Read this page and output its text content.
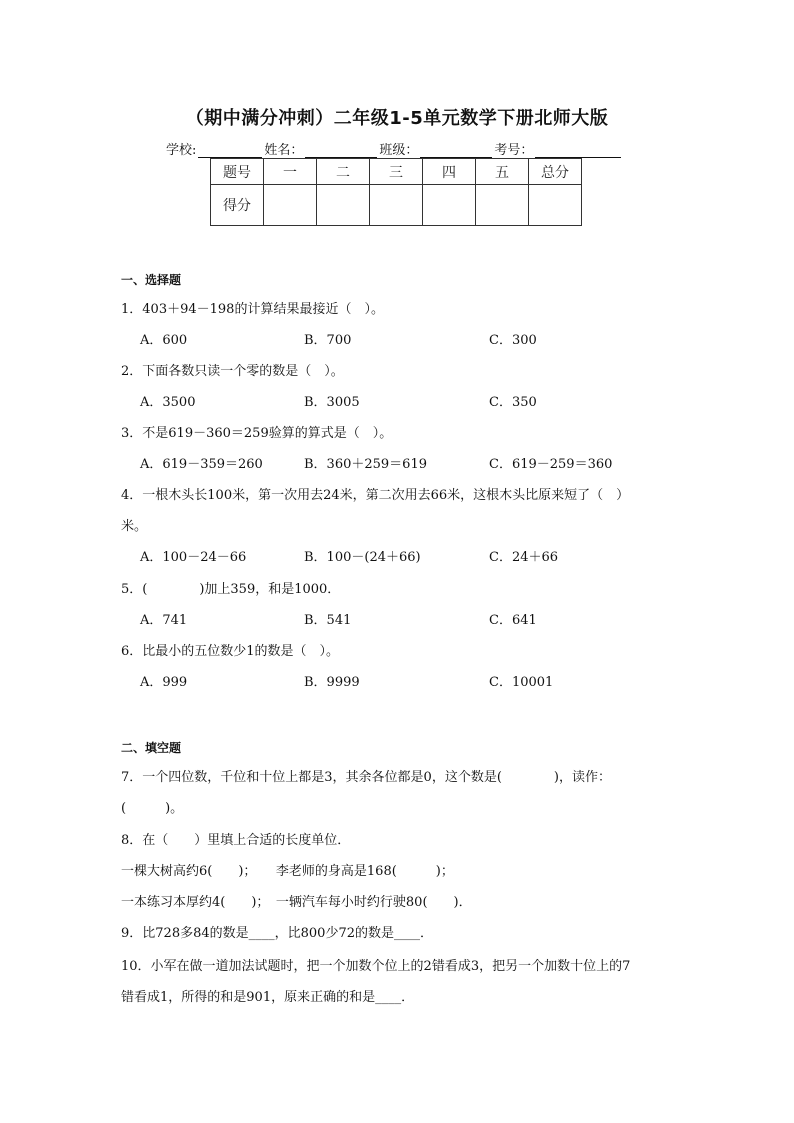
（期中满分冲刺）二年级1-5单元数学下册北师大版
学校:	姓名：	班级：	考号：
题号	一	二	三	四	五	总分
得分						
一、选择题
1．403＋94－198的计算结果最接近（　）。
A．600	B．700	C．300
2．下面各数只读一个零的数是（　）。
A．3500	B．3005	C．350
3．不是619－360＝259验算的算式是（　）。
A．619－359＝260	B．360＋259＝619	C．619－259＝360
4．一根木头长100米，第一次用去24米，第二次用去66米，这根木头比原来短了（　）
米。
A．100－24－66	B．100－(24＋66)	C．24＋66
5．(　　　　)加上359，和是1000．
A．741	B．541	C．641
6．比最小的五位数少1的数是（　）。
A．999	B．9999	C．10001
二、填空题
7．一个四位数，千位和十位上都是3，其余各位都是0，这个数是(　　　　)，读作：
(　　　)。
8．在（　　）里填上合适的长度单位．
一棵大树高约6(　　)；　　李老师的身高是168(　　　)；
一本练习本厚约4(　　)；　一辆汽车每小时约行驶80(　　)．
9．比728多84的数是____，比800少72的数是____．
10．小军在做一道加法试题时，把一个加数个位上的2错看成3，把另一个加数十位上的7
错看成1，所得的和是901，原来正确的和是____．
